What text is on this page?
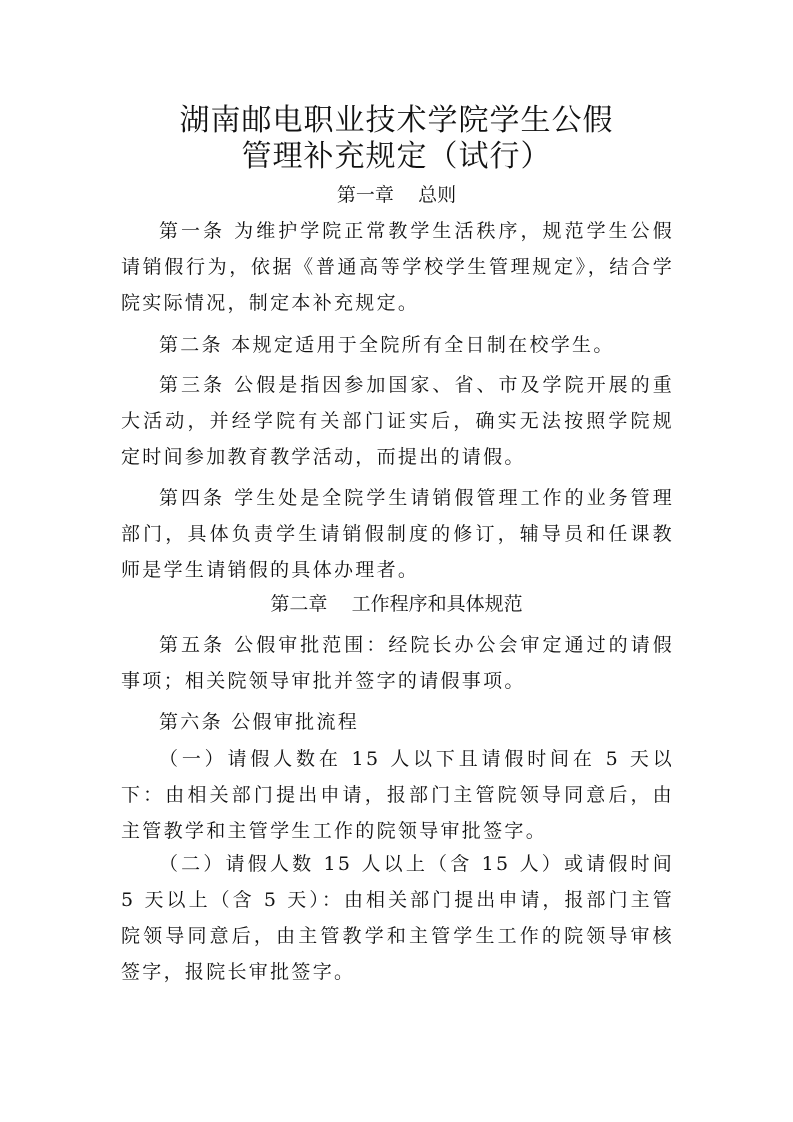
湖南邮电职业技术学院学生公假
管理补充规定（试行）
第一章    总则

第一条 为维护学院正常教学生活秩序，规范学生公假请销假行为，依据《普通高等学校学生管理规定》，结合学院实际情况，制定本补充规定。

第二条 本规定适用于全院所有全日制在校学生。

第三条 公假是指因参加国家、省、市及学院开展的重大活动，并经学院有关部门证实后，确实无法按照学院规定时间参加教育教学活动，而提出的请假。

第四条 学生处是全院学生请销假管理工作的业务管理部门，具体负责学生请销假制度的修订，辅导员和任课教师是学生请销假的具体办理者。

第二章    工作程序和具体规范

第五条 公假审批范围：经院长办公会审定通过的请假事项；相关院领导审批并签字的请假事项。

第六条 公假审批流程

（一）请假人数在 15 人以下且请假时间在 5 天以下：由相关部门提出申请，报部门主管院领导同意后，由主管教学和主管学生工作的院领导审批签字。

（二）请假人数 15 人以上（含 15 人）或请假时间 5 天以上（含 5 天）：由相关部门提出申请，报部门主管院领导同意后，由主管教学和主管学生工作的院领导审核签字，报院长审批签字。
